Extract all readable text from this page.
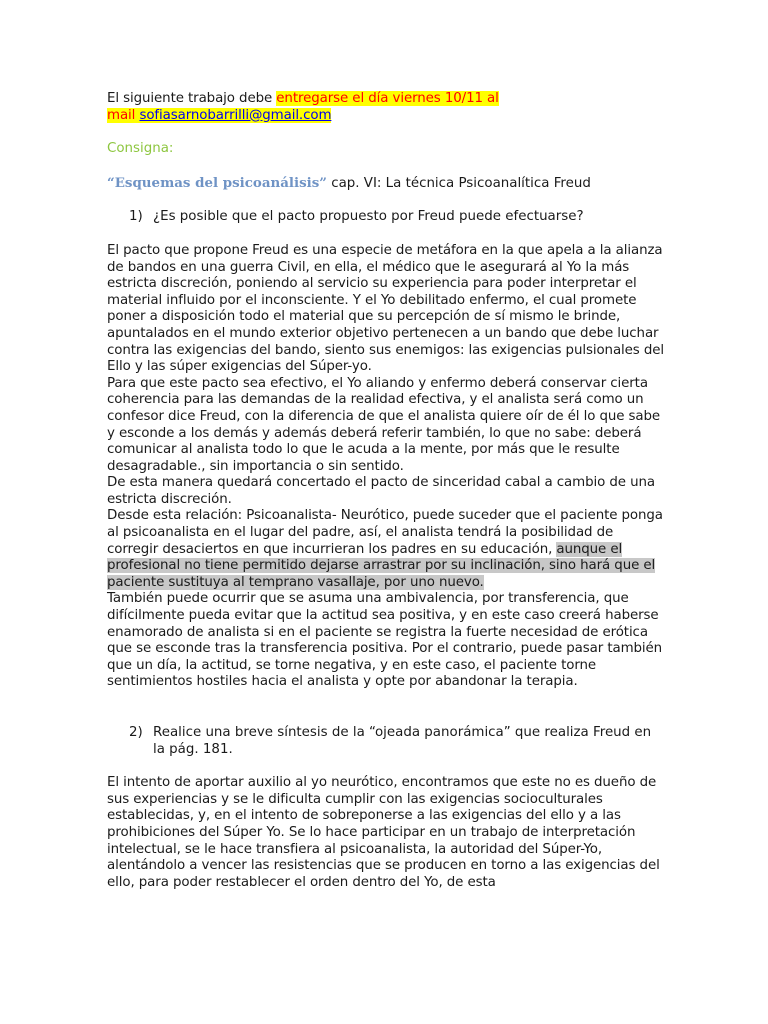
El siguiente trabajo debe entregarse el día viernes 10/11 al
mail sofiasarnobarrilli@gmail.com
Consigna:
“Esquemas del psicoanálisis” cap. VI: La técnica Psicoanalítica Freud
1) ¿Es posible que el pacto propuesto por Freud puede efectuarse?
El pacto que propone Freud es una especie de metáfora en la que apela a la alianza de bandos en una guerra Civil, en ella, el médico que le asegurará al Yo la más estricta discreción, poniendo al servicio su experiencia para poder interpretar el material influido por el inconsciente. Y el Yo debilitado enfermo, el cual promete poner a disposición todo el material que su percepción de sí mismo le brinde, apuntalados en el mundo exterior objetivo pertenecen a un bando que debe luchar contra las exigencias del bando, siento sus enemigos: las exigencias pulsionales del Ello y las súper exigencias del Súper-yo.
Para que este pacto sea efectivo, el Yo aliando y enfermo deberá conservar cierta coherencia para las demandas de la realidad efectiva, y el analista será como un confesor dice Freud, con la diferencia de que el analista quiere oír de él lo que sabe y esconde a los demás y además deberá referir también, lo que no sabe: deberá comunicar al analista todo lo que le acuda a la mente, por más que le resulte desagradable., sin importancia o sin sentido.
De esta manera quedará concertado el pacto de sinceridad cabal a cambio de una estricta discreción.
Desde esta relación: Psicoanalista- Neurótico, puede suceder que el paciente ponga al psicoanalista en el lugar del padre, así, el analista tendrá la posibilidad de corregir desaciertos en que incurrieran los padres en su educación, aunque el profesional no tiene permitido dejarse arrastrar por su inclinación, sino hará que el paciente sustituya al temprano vasallaje, por uno nuevo.
También puede ocurrir que se asuma una ambivalencia, por transferencia, que difícilmente pueda evitar que la actitud sea positiva, y en este caso creerá haberse enamorado de analista si en el paciente se registra la fuerte necesidad de erótica que se esconde tras la transferencia positiva. Por el contrario, puede pasar también que un día, la actitud, se torne negativa, y en este caso, el paciente torne sentimientos hostiles hacia el analista y opte por abandonar la terapia.
2) Realice una breve síntesis de la “ojeada panorámica” que realiza Freud en la pág. 181.
El intento de aportar auxilio al yo neurótico, encontramos que este no es dueño de sus experiencias y se le dificulta cumplir con las exigencias socioculturales establecidas, y, en el intento de sobreponerse a las exigencias del ello y a las prohibiciones del Súper Yo. Se lo hace participar en un trabajo de interpretación intelectual, se le hace transfiera al psicoanalista, la autoridad del Súper-Yo, alentándolo a vencer las resistencias que se producen en torno a las exigencias del ello, para poder restablecer el orden dentro del Yo, de esta
